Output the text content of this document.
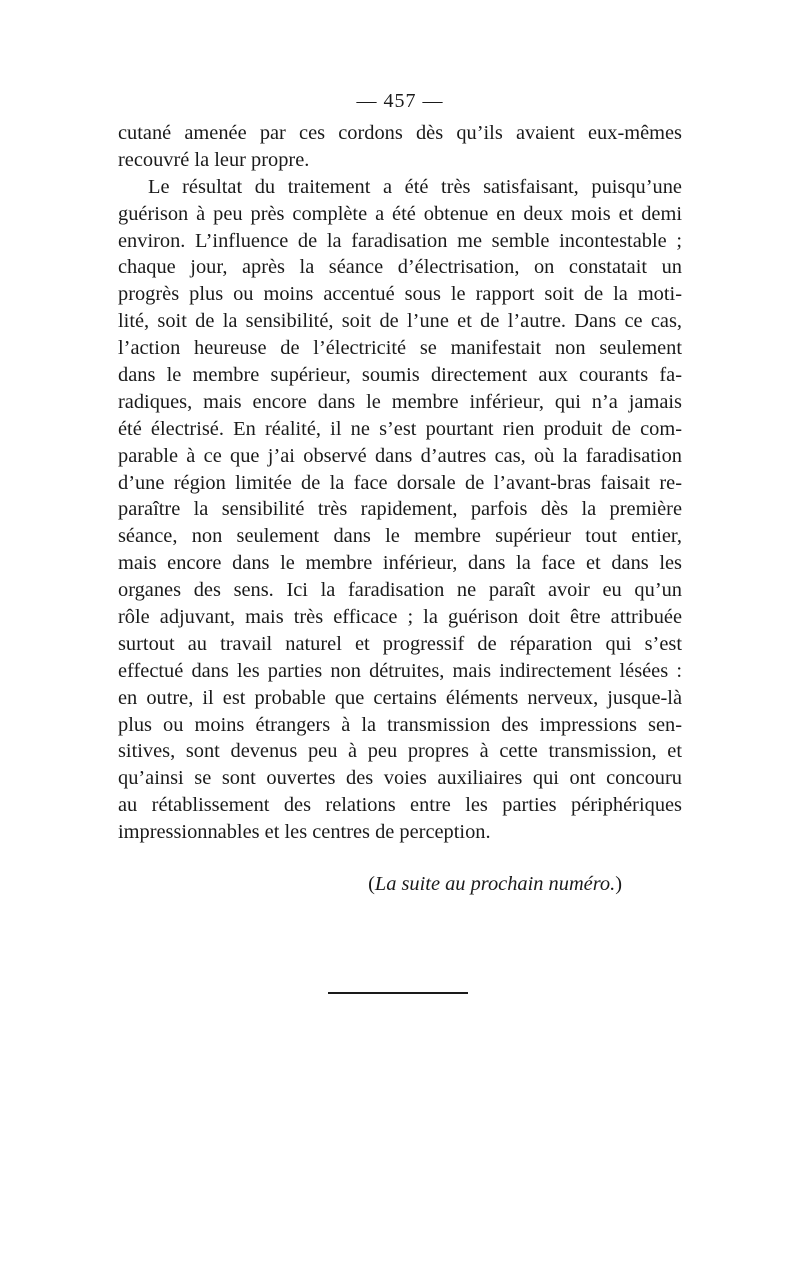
— 457 —
cutané amenée par ces cordons dès qu’ils avaient eux-mêmes
recouvré la leur propre.
Le résultat du traitement a été très satisfaisant, puisqu’une
guérison à peu près complète a été obtenue en deux mois et demi
environ. L’influence de la faradisation me semble incontestable ;
chaque jour, après la séance d’électrisation, on constatait un
progrès plus ou moins accentué sous le rapport soit de la moti-
lité, soit de la sensibilité, soit de l’une et de l’autre. Dans ce cas,
l’action heureuse de l’électricité se manifestait non seulement
dans le membre supérieur, soumis directement aux courants fa-
radiques, mais encore dans le membre inférieur, qui n’a jamais
été électrisé. En réalité, il ne s’est pourtant rien produit de com-
parable à ce que j’ai observé dans d’autres cas, où la faradisation
d’une région limitée de la face dorsale de l’avant-bras faisait re-
paraître la sensibilité très rapidement, parfois dès la première
séance, non seulement dans le membre supérieur tout entier,
mais encore dans le membre inférieur, dans la face et dans les
organes des sens. Ici la faradisation ne paraît avoir eu qu’un
rôle adjuvant, mais très efficace ; la guérison doit être attribuée
surtout au travail naturel et progressif de réparation qui s’est
effectué dans les parties non détruites, mais indirectement lésées :
en outre, il est probable que certains éléments nerveux, jusque-là
plus ou moins étrangers à la transmission des impressions sen-
sitives, sont devenus peu à peu propres à cette transmission, et
qu’ainsi se sont ouvertes des voies auxiliaires qui ont concouru
au rétablissement des relations entre les parties périphériques
impressionnables et les centres de perception.
(La suite au prochain numéro.)
